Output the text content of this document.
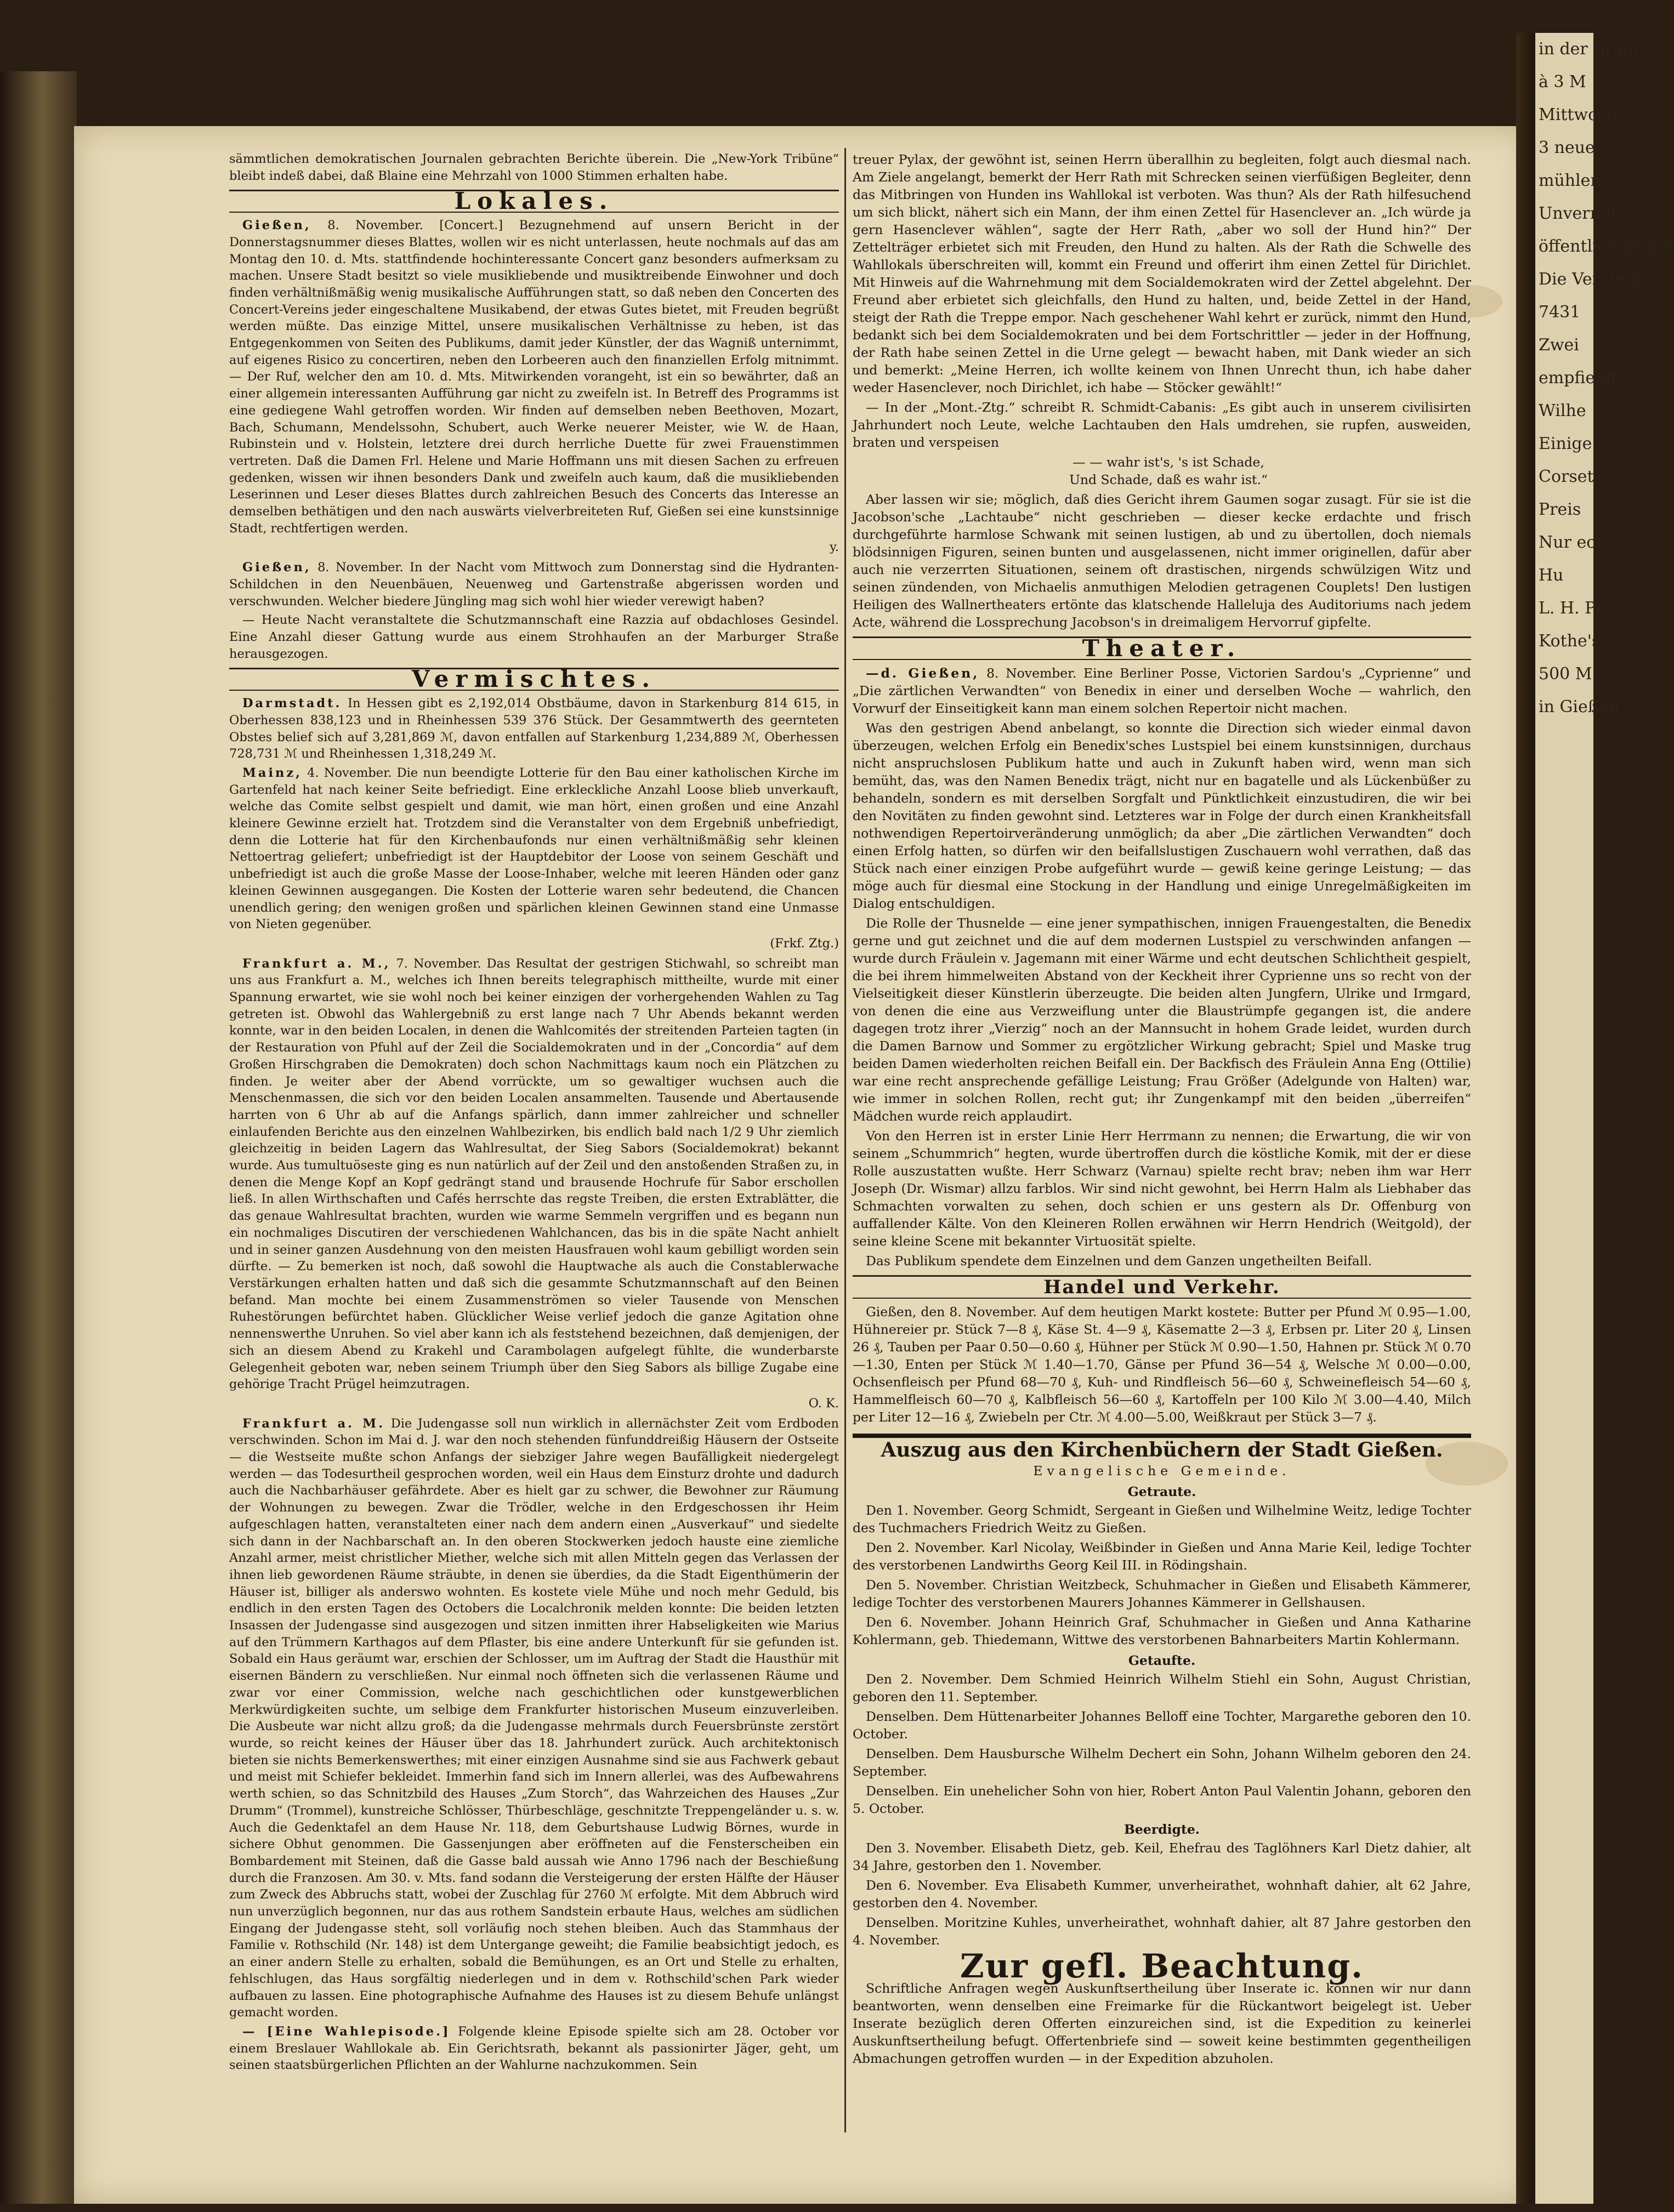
in der Bram

à 3 M

Mittwoch

3 neue

mühlen

Unvernöf

öffentlich gegen

Die Versteig

7431

Zwei

empfiehlt

Wilhe

Einige

Corsets

Preis

Nur ech

Hu

L. H. Pi

Kothe's

500 M

in Gießen

sämmtlichen demokratischen Journalen gebrachten Berichte überein. Die „New-York Tribüne“ bleibt indeß dabei, daß Blaine eine Mehrzahl von 1000 Stimmen erhalten habe.

Lokales.

Gießen, 8. November. [Concert.] Bezugnehmend auf unsern Bericht in der Donnerstagsnummer dieses Blattes, wollen wir es nicht unterlassen, heute nochmals auf das am Montag den 10. d. Mts. stattfindende hochinteressante Concert ganz besonders aufmerksam zu machen. Unsere Stadt besitzt so viele musikliebende und musiktreibende Einwohner und doch finden verhältnißmäßig wenig musikalische Aufführungen statt, so daß neben den Concerten des Concert-Vereins jeder eingeschaltene Musikabend, der etwas Gutes bietet, mit Freuden begrüßt werden müßte. Das einzige Mittel, unsere musikalischen Verhältnisse zu heben, ist das Entgegenkommen von Seiten des Publikums, damit jeder Künstler, der das Wagniß unternimmt, auf eigenes Risico zu concertiren, neben den Lorbeeren auch den finanziellen Erfolg mitnimmt. — Der Ruf, welcher den am 10. d. Mts. Mitwirkenden vorangeht, ist ein so bewährter, daß an einer allgemein interessanten Aufführung gar nicht zu zweifeln ist. In Betreff des Programms ist eine gediegene Wahl getroffen worden. Wir finden auf demselben neben Beethoven, Mozart, Bach, Schumann, Mendelssohn, Schubert, auch Werke neuerer Meister, wie W. de Haan, Rubinstein und v. Holstein, letztere drei durch herrliche Duette für zwei Frauenstimmen vertreten. Daß die Damen Frl. Helene und Marie Hoffmann uns mit diesen Sachen zu erfreuen gedenken, wissen wir ihnen besonders Dank und zweifeln auch kaum, daß die musikliebenden Leserinnen und Leser dieses Blattes durch zahlreichen Besuch des Concerts das Interesse an demselben bethätigen und den nach auswärts vielverbreiteten Ruf, Gießen sei eine kunstsinnige Stadt, rechtfertigen werden.

y.

Gießen, 8. November. In der Nacht vom Mittwoch zum Donnerstag sind die Hydranten-Schildchen in den Neuenbäuen, Neuenweg und Gartenstraße abgerissen worden und verschwunden. Welcher biedere Jüngling mag sich wohl hier wieder verewigt haben?

— Heute Nacht veranstaltete die Schutzmannschaft eine Razzia auf obdachloses Gesindel. Eine Anzahl dieser Gattung wurde aus einem Strohhaufen an der Marburger Straße herausgezogen.

Vermischtes.

Darmstadt. In Hessen gibt es 2,192,014 Obstbäume, davon in Starkenburg 814 615, in Oberhessen 838,123 und in Rheinhessen 539 376 Stück. Der Gesammtwerth des geernteten Obstes belief sich auf 3,281,869 ℳ, davon entfallen auf Starkenburg 1,234,889 ℳ, Oberhessen 728,731 ℳ und Rheinhessen 1,318,249 ℳ.

Mainz, 4. November. Die nun beendigte Lotterie für den Bau einer katholischen Kirche im Gartenfeld hat nach keiner Seite befriedigt. Eine erkleckliche Anzahl Loose blieb unverkauft, welche das Comite selbst gespielt und damit, wie man hört, einen großen und eine Anzahl kleinere Gewinne erzielt hat. Trotzdem sind die Veranstalter von dem Ergebniß unbefriedigt, denn die Lotterie hat für den Kirchenbaufonds nur einen verhältnißmäßig sehr kleinen Nettoertrag geliefert; unbefriedigt ist der Hauptdebitor der Loose von seinem Geschäft und unbefriedigt ist auch die große Masse der Loose-Inhaber, welche mit leeren Händen oder ganz kleinen Gewinnen ausgegangen. Die Kosten der Lotterie waren sehr bedeutend, die Chancen unendlich gering; den wenigen großen und spärlichen kleinen Gewinnen stand eine Unmasse von Nieten gegenüber.

(Frkf. Ztg.)

Frankfurt a. M., 7. November. Das Resultat der gestrigen Stichwahl, so schreibt man uns aus Frankfurt a. M., welches ich Ihnen bereits telegraphisch mittheilte, wurde mit einer Spannung erwartet, wie sie wohl noch bei keiner einzigen der vorhergehenden Wahlen zu Tag getreten ist. Obwohl das Wahlergebniß zu erst lange nach 7 Uhr Abends bekannt werden konnte, war in den beiden Localen, in denen die Wahlcomités der streitenden Parteien tagten (in der Restauration von Pfuhl auf der Zeil die Socialdemokraten und in der „Concordia“ auf dem Großen Hirschgraben die Demokraten) doch schon Nachmittags kaum noch ein Plätzchen zu finden. Je weiter aber der Abend vorrückte, um so gewaltiger wuchsen auch die Menschenmassen, die sich vor den beiden Localen ansammelten. Tausende und Abertausende harrten von 6 Uhr ab auf die Anfangs spärlich, dann immer zahlreicher und schneller einlaufenden Berichte aus den einzelnen Wahlbezirken, bis endlich bald nach 1/2 9 Uhr ziemlich gleichzeitig in beiden Lagern das Wahlresultat, der Sieg Sabors (Socialdemokrat) bekannt wurde. Aus tumultuöseste ging es nun natürlich auf der Zeil und den anstoßenden Straßen zu, in denen die Menge Kopf an Kopf gedrängt stand und brausende Hochrufe für Sabor erschollen ließ. In allen Wirthschaften und Cafés herrschte das regste Treiben, die ersten Extrablätter, die das genaue Wahlresultat brachten, wurden wie warme Semmeln vergriffen und es begann nun ein nochmaliges Discutiren der verschiedenen Wahlchancen, das bis in die späte Nacht anhielt und in seiner ganzen Ausdehnung von den meisten Hausfrauen wohl kaum gebilligt worden sein dürfte. — Zu bemerken ist noch, daß sowohl die Hauptwache als auch die Constablerwache Verstärkungen erhalten hatten und daß sich die gesammte Schutzmannschaft auf den Beinen befand. Man mochte bei einem Zusammenströmen so vieler Tausende von Menschen Ruhestörungen befürchtet haben. Glücklicher Weise verlief jedoch die ganze Agitation ohne nennenswerthe Unruhen. So viel aber kann ich als feststehend bezeichnen, daß demjenigen, der sich an diesem Abend zu Krakehl und Carambolagen aufgelegt fühlte, die wunderbarste Gelegenheit geboten war, neben seinem Triumph über den Sieg Sabors als billige Zugabe eine gehörige Tracht Prügel heimzutragen.

O. K.

Frankfurt a. M. Die Judengasse soll nun wirklich in allernächster Zeit vom Erdboden verschwinden. Schon im Mai d. J. war den noch stehenden fünfunddreißig Häusern der Ostseite — die Westseite mußte schon Anfangs der siebziger Jahre wegen Baufälligkeit niedergelegt werden — das Todesurtheil gesprochen worden, weil ein Haus dem Einsturz drohte und dadurch auch die Nachbarhäuser gefährdete. Aber es hielt gar zu schwer, die Bewohner zur Räumung der Wohnungen zu bewegen. Zwar die Trödler, welche in den Erdgeschossen ihr Heim aufgeschlagen hatten, veranstalteten einer nach dem andern einen „Ausverkauf“ und siedelte sich dann in der Nachbarschaft an. In den oberen Stockwerken jedoch hauste eine ziemliche Anzahl armer, meist christlicher Miether, welche sich mit allen Mitteln gegen das Verlassen der ihnen lieb gewordenen Räume sträubte, in denen sie überdies, da die Stadt Eigenthümerin der Häuser ist, billiger als anderswo wohnten. Es kostete viele Mühe und noch mehr Geduld, bis endlich in den ersten Tagen des Octobers die Localchronik melden konnte: Die beiden letzten Insassen der Judengasse sind ausgezogen und sitzen inmitten ihrer Habseligkeiten wie Marius auf den Trümmern Karthagos auf dem Pflaster, bis eine andere Unterkunft für sie gefunden ist. Sobald ein Haus geräumt war, erschien der Schlosser, um im Auftrag der Stadt die Hausthür mit eisernen Bändern zu verschließen. Nur einmal noch öffneten sich die verlassenen Räume und zwar vor einer Commission, welche nach geschichtlichen oder kunstgewerblichen Merkwürdigkeiten suchte, um selbige dem Frankfurter historischen Museum einzuverleiben. Die Ausbeute war nicht allzu groß; da die Judengasse mehrmals durch Feuersbrünste zerstört wurde, so reicht keines der Häuser über das 18. Jahrhundert zurück. Auch architektonisch bieten sie nichts Bemerkenswerthes; mit einer einzigen Ausnahme sind sie aus Fachwerk gebaut und meist mit Schiefer bekleidet. Immerhin fand sich im Innern allerlei, was des Aufbewahrens werth schien, so das Schnitzbild des Hauses „Zum Storch“, das Wahrzeichen des Hauses „Zur Drumm“ (Trommel), kunstreiche Schlösser, Thürbeschläge, geschnitzte Treppengeländer u. s. w. Auch die Gedenktafel an dem Hause Nr. 118, dem Geburtshause Ludwig Börnes, wurde in sichere Obhut genommen. Die Gassenjungen aber eröffneten auf die Fensterscheiben ein Bombardement mit Steinen, daß die Gasse bald aussah wie Anno 1796 nach der Beschießung durch die Franzosen. Am 30. v. Mts. fand sodann die Versteigerung der ersten Hälfte der Häuser zum Zweck des Abbruchs statt, wobei der Zuschlag für 2760 ℳ erfolgte. Mit dem Abbruch wird nun unverzüglich begonnen, nur das aus rothem Sandstein erbaute Haus, welches am südlichen Eingang der Judengasse steht, soll vorläufig noch stehen bleiben. Auch das Stammhaus der Familie v. Rothschild (Nr. 148) ist dem Untergange geweiht; die Familie beabsichtigt jedoch, es an einer andern Stelle zu erhalten, sobald die Bemühungen, es an Ort und Stelle zu erhalten, fehlschlugen, das Haus sorgfältig niederlegen und in dem v. Rothschild'schen Park wieder aufbauen zu lassen. Eine photographische Aufnahme des Hauses ist zu diesem Behufe unlängst gemacht worden.

— [Eine Wahlepisode.] Folgende kleine Episode spielte sich am 28. October vor einem Breslauer Wahllokale ab. Ein Gerichtsrath, bekannt als passionirter Jäger, geht, um seinen staatsbürgerlichen Pflichten an der Wahlurne nachzukommen. Sein

treuer Pylax, der gewöhnt ist, seinen Herrn überallhin zu begleiten, folgt auch diesmal nach. Am Ziele angelangt, bemerkt der Herr Rath mit Schrecken seinen vierfüßigen Begleiter, denn das Mitbringen von Hunden ins Wahllokal ist verboten. Was thun? Als der Rath hilfesuchend um sich blickt, nähert sich ein Mann, der ihm einen Zettel für Hasenclever an. „Ich würde ja gern Hasenclever wählen“, sagte der Herr Rath, „aber wo soll der Hund hin?“ Der Zettelträger erbietet sich mit Freuden, den Hund zu halten. Als der Rath die Schwelle des Wahllokals überschreiten will, kommt ein Freund und offerirt ihm einen Zettel für Dirichlet. Mit Hinweis auf die Wahrnehmung mit dem Socialdemokraten wird der Zettel abgelehnt. Der Freund aber erbietet sich gleichfalls, den Hund zu halten, und, beide Zettel in der Hand, steigt der Rath die Treppe empor. Nach geschehener Wahl kehrt er zurück, nimmt den Hund, bedankt sich bei dem Socialdemokraten und bei dem Fortschrittler — jeder in der Hoffnung, der Rath habe seinen Zettel in die Urne gelegt — bewacht haben, mit Dank wieder an sich und bemerkt: „Meine Herren, ich wollte keinem von Ihnen Unrecht thun, ich habe daher weder Hasenclever, noch Dirichlet, ich habe — Stöcker gewählt!“

— In der „Mont.-Ztg.“ schreibt R. Schmidt-Cabanis: „Es gibt auch in unserem civilisirten Jahrhundert noch Leute, welche Lachtauben den Hals umdrehen, sie rupfen, ausweiden, braten und verspeisen

— — wahr ist's, 's ist Schade,

Und Schade, daß es wahr ist.“

Aber lassen wir sie; möglich, daß dies Gericht ihrem Gaumen sogar zusagt. Für sie ist die Jacobson'sche „Lachtaube“ nicht geschrieben — dieser kecke erdachte und frisch durchgeführte harmlose Schwank mit seinen lustigen, ab und zu übertollen, doch niemals blödsinnigen Figuren, seinen bunten und ausgelassenen, nicht immer originellen, dafür aber auch nie verzerrten Situationen, seinem oft drastischen, nirgends schwülzigen Witz und seinen zündenden, von Michaelis anmuthigen Melodien getragenen Couplets! Den lustigen Heiligen des Wallnertheaters ertönte das klatschende Halleluja des Auditoriums nach jedem Acte, während die Lossprechung Jacobson's in dreimaligem Hervorruf gipfelte.

Theater.

—d. Gießen, 8. November. Eine Berliner Posse, Victorien Sardou's „Cyprienne“ und „Die zärtlichen Verwandten“ von Benedix in einer und derselben Woche — wahrlich, den Vorwurf der Einseitigkeit kann man einem solchen Repertoir nicht machen.

Was den gestrigen Abend anbelangt, so konnte die Direction sich wieder einmal davon überzeugen, welchen Erfolg ein Benedix'sches Lustspiel bei einem kunstsinnigen, durchaus nicht anspruchslosen Publikum hatte und auch in Zukunft haben wird, wenn man sich bemüht, das, was den Namen Benedix trägt, nicht nur en bagatelle und als Lückenbüßer zu behandeln, sondern es mit derselben Sorgfalt und Pünktlichkeit einzustudiren, die wir bei den Novitäten zu finden gewohnt sind. Letzteres war in Folge der durch einen Krankheitsfall nothwendigen Repertoirveränderung unmöglich; da aber „Die zärtlichen Verwandten“ doch einen Erfolg hatten, so dürfen wir den beifallslustigen Zuschauern wohl verrathen, daß das Stück nach einer einzigen Probe aufgeführt wurde — gewiß keine geringe Leistung; — das möge auch für diesmal eine Stockung in der Handlung und einige Unregelmäßigkeiten im Dialog entschuldigen.

Die Rolle der Thusnelde — eine jener sympathischen, innigen Frauengestalten, die Benedix gerne und gut zeichnet und die auf dem modernen Lustspiel zu verschwinden anfangen — wurde durch Fräulein v. Jagemann mit einer Wärme und echt deutschen Schlichtheit gespielt, die bei ihrem himmelweiten Abstand von der Keckheit ihrer Cyprienne uns so recht von der Vielseitigkeit dieser Künstlerin überzeugte. Die beiden alten Jungfern, Ulrike und Irmgard, von denen die eine aus Verzweiflung unter die Blaustrümpfe gegangen ist, die andere dagegen trotz ihrer „Vierzig“ noch an der Mannsucht in hohem Grade leidet, wurden durch die Damen Barnow und Sommer zu ergötzlicher Wirkung gebracht; Spiel und Maske trug beiden Damen wiederholten reichen Beifall ein. Der Backfisch des Fräulein Anna Eng (Ottilie) war eine recht ansprechende gefällige Leistung; Frau Größer (Adelgunde von Halten) war, wie immer in solchen Rollen, recht gut; ihr Zungenkampf mit den beiden „überreifen“ Mädchen wurde reich applaudirt.

Von den Herren ist in erster Linie Herr Herrmann zu nennen; die Erwartung, die wir von seinem „Schummrich“ hegten, wurde übertroffen durch die köstliche Komik, mit der er diese Rolle auszustatten wußte. Herr Schwarz (Varnau) spielte recht brav; neben ihm war Herr Joseph (Dr. Wismar) allzu farblos. Wir sind nicht gewohnt, bei Herrn Halm als Liebhaber das Schmachten vorwalten zu sehen, doch schien er uns gestern als Dr. Offenburg von auffallender Kälte. Von den Kleineren Rollen erwähnen wir Herrn Hendrich (Weitgold), der seine kleine Scene mit bekannter Virtuosität spielte.

Das Publikum spendete dem Einzelnen und dem Ganzen ungetheilten Beifall.

Handel und Verkehr.

Gießen, den 8. November. Auf dem heutigen Markt kostete: Butter per Pfund ℳ 0.95—1.00, Hühnereier pr. Stück 7—8 ₰, Käse St. 4—9 ₰, Käsematte 2—3 ₰, Erbsen pr. Liter 20 ₰, Linsen 26 ₰, Tauben per Paar 0.50—0.60 ₰, Hühner per Stück ℳ 0.90—1.50, Hahnen pr. Stück ℳ 0.70—1.30, Enten per Stück ℳ 1.40—1.70, Gänse per Pfund 36—54 ₰, Welsche ℳ 0.00—0.00, Ochsenfleisch per Pfund 68—70 ₰, Kuh- und Rindfleisch 56—60 ₰, Schweinefleisch 54—60 ₰, Hammelfleisch 60—70 ₰, Kalbfleisch 56—60 ₰, Kartoffeln per 100 Kilo ℳ 3.00—4.40, Milch per Liter 12—16 ₰, Zwiebeln per Ctr. ℳ 4.00—5.00, Weißkraut per Stück 3—7 ₰.

Auszug aus den Kirchenbüchern der Stadt Gießen.
Evangelische Gemeinde.
Getraute.

Den 1. November. Georg Schmidt, Sergeant in Gießen und Wilhelmine Weitz, ledige Tochter des Tuchmachers Friedrich Weitz zu Gießen.

Den 2. November. Karl Nicolay, Weißbinder in Gießen und Anna Marie Keil, ledige Tochter des verstorbenen Landwirths Georg Keil III. in Rödingshain.

Den 5. November. Christian Weitzbeck, Schuhmacher in Gießen und Elisabeth Kämmerer, ledige Tochter des verstorbenen Maurers Johannes Kämmerer in Gellshausen.

Den 6. November. Johann Heinrich Graf, Schuhmacher in Gießen und Anna Katharine Kohlermann, geb. Thiedemann, Wittwe des verstorbenen Bahnarbeiters Martin Kohlermann.

Getaufte.

Den 2. November. Dem Schmied Heinrich Wilhelm Stiehl ein Sohn, August Christian, geboren den 11. September.

Denselben. Dem Hüttenarbeiter Johannes Belloff eine Tochter, Margarethe geboren den 10. October.

Denselben. Dem Hausbursche Wilhelm Dechert ein Sohn, Johann Wilhelm geboren den 24. September.

Denselben. Ein unehelicher Sohn von hier, Robert Anton Paul Valentin Johann, geboren den 5. October.

Beerdigte.

Den 3. November. Elisabeth Dietz, geb. Keil, Ehefrau des Taglöhners Karl Dietz dahier, alt 34 Jahre, gestorben den 1. November.

Den 6. November. Eva Elisabeth Kummer, unverheirathet, wohnhaft dahier, alt 62 Jahre, gestorben den 4. November.

Denselben. Moritzine Kuhles, unverheirathet, wohnhaft dahier, alt 87 Jahre gestorben den 4. November.

Zur gefl. Beachtung.

Schriftliche Anfragen wegen Auskunftsertheilung über Inserate ic. können wir nur dann beantworten, wenn denselben eine Freimarke für die Rückantwort beigelegt ist. Ueber Inserate bezüglich deren Offerten einzureichen sind, ist die Expedition zu keinerlei Auskunftsertheilung befugt. Offertenbriefe sind — soweit keine bestimmten gegentheiligen Abmachungen getroffen wurden — in der Expedition abzuholen.
